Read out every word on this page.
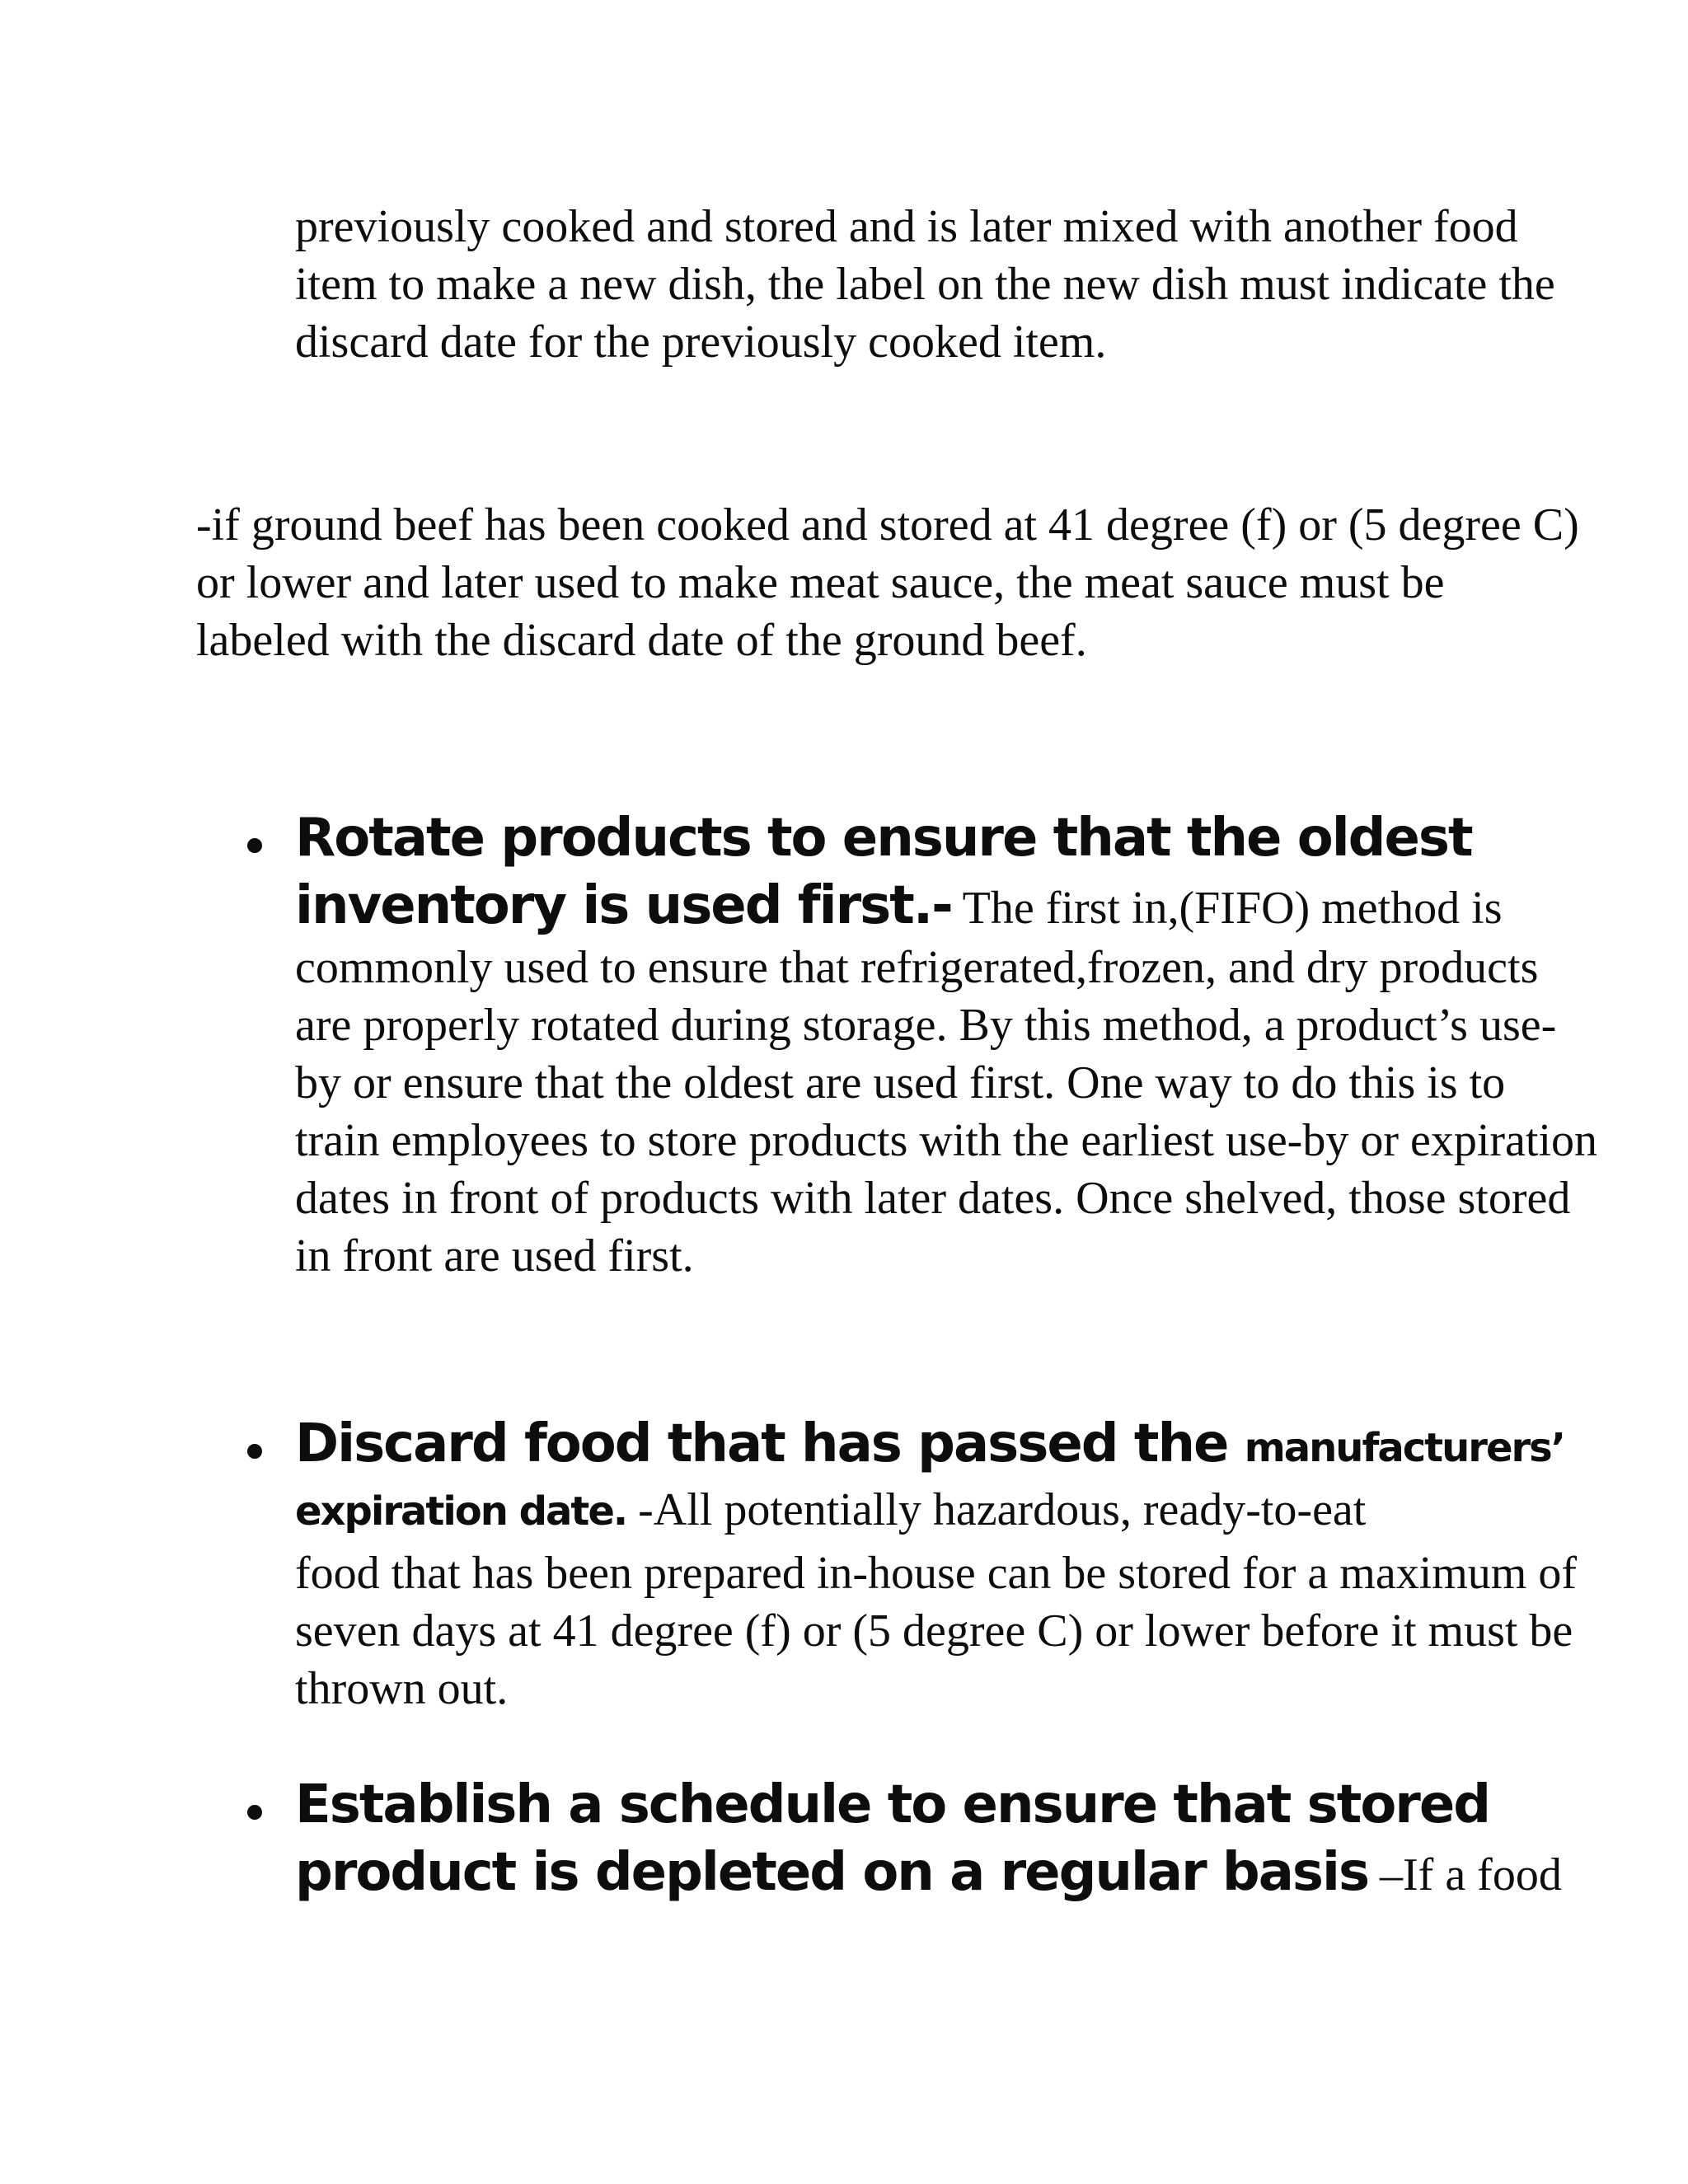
previously cooked and stored and is later mixed with another food item to make a new dish, the label on the new dish must indicate the discard date for the previously cooked item.

-if ground beef has been cooked and stored at 41 degree (f) or (5 degree C) or lower and later used to make meat sauce, the meat sauce must be labeled with the discard date of the ground beef.

Rotate products to ensure that the oldest
inventory is used first.- The first in,(FIFO) method is
commonly used to ensure that refrigerated,frozen, and dry products are properly rotated during storage. By this method, a product’s use-by or ensure that the oldest are used first. One way to do this is to train employees to store products with the earliest use-by or expiration dates in front of products with later dates. Once shelved, those stored in front are used first.
Discard food that has passed the manufacturers’
expiration date. -All potentially hazardous, ready-to-eat
food that has been prepared in-house can be stored for a maximum of seven days at 41 degree (f) or (5 degree C) or lower before it must be thrown out.
Establish a schedule to ensure that stored
product is depleted on a regular basis –If a food
